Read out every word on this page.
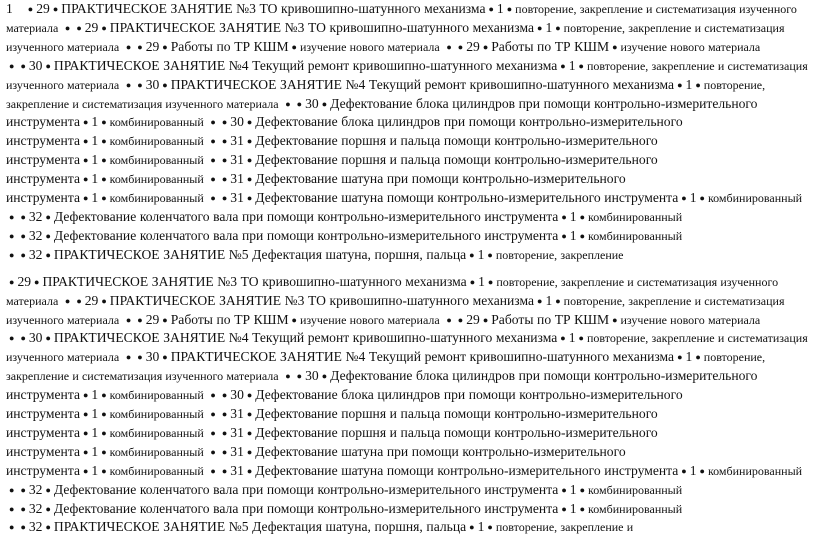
1 ● 29 ● ПРАКТИЧЕСКОЕ ЗАНЯТИЕ №3 ТО кривошипно-шатунного механизма ● 1 ● повторение, закрепление и систематизация изученного материала ● ● 29 ● ПРАКТИЧЕСКОЕ ЗАНЯТИЕ №3 ТО кривошипно-шатунного механизма ● 1 ● повторение, закрепление и систематизация изученного материала ● ● 29 ● Работы по ТР КШМ ● изучение нового материала ● ● 29 ● Работы по ТР КШМ ● изучение нового материала ● ● 30 ● ПРАКТИЧЕСКОЕ ЗАНЯТИЕ №4 Текущий ремонт кривошипно-шатунного механизма ● 1 ● повторение, закрепление и систематизация изученного материала ● ● 30 ● ПРАКТИЧЕСКОЕ ЗАНЯТИЕ №4 Текущий ремонт кривошипно-шатунного механизма ● 1 ● повторение, закрепление и систематизация изученного материала ● ● 30 ● Дефектование блока цилиндров при помощи контрольно-измерительного инструмента ● 1 ● комбинированный ● ● 30 ● Дефектование блока цилиндров при помощи контрольно-измерительного инструмента ● 1 ● комбинированный ● ● 31 ● Дефектование поршня и пальца помощи контрольно-измерительного инструмента ● 1 ● комбинированный ● ● 31 ● Дефектование поршня и пальца помощи контрольно-измерительного инструмента ● 1 ● комбинированный ● ● 31 ● Дефектование шатуна при помощи контрольно-измерительного инструмента ● 1 ● комбинированный ● ● 31 ● Дефектование шатуна помощи контрольно-измерительного инструмента ● 1 ● комбинированный ● ● 32 ● Дефектование коленчатого вала при помощи контрольно-измерительного инструмента ● 1 ● комбинированный ● ● 32 ● Дефектование коленчатого вала при помощи контрольно-измерительного инструмента ● 1 ● комбинированный ● ● 32 ● ПРАКТИЧЕСКОЕ ЗАНЯТИЕ №5 Дефектация шатуна, поршня, пальца ● 1 ● повторение, закрепление
● 29 ● ПРАКТИЧЕСКОЕ ЗАНЯТИЕ №3 ТО кривошипно-шатунного механизма ● 1 ● повторение, закрепление и систематизация изученного материала ● ● 29 ● ПРАКТИЧЕСКОЕ ЗАНЯТИЕ №3 ТО кривошипно-шатунного механизма ● 1 ● повторение, закрепление и систематизация изученного материала ● ● 29 ● Работы по ТР КШМ ● изучение нового материала ● ● 29 ● Работы по ТР КШМ ● изучение нового материала ● ● 30 ● ПРАКТИЧЕСКОЕ ЗАНЯТИЕ №4 Текущий ремонт кривошипно-шатунного механизма ● 1 ● повторение, закрепление и систематизация изученного материала ● ● 30 ● ПРАКТИЧЕСКОЕ ЗАНЯТИЕ №4 Текущий ремонт кривошипно-шатунного механизма ● 1 ● повторение, закрепление и систематизация изученного материала ● ● 30 ● Дефектование блока цилиндров при помощи контрольно-измерительного инструмента ● 1 ● комбинированный ● ● 30 ● Дефектование блока цилиндров при помощи контрольно-измерительного инструмента ● 1 ● комбинированный ● ● 31 ● Дефектование поршня и пальца помощи контрольно-измерительного инструмента ● 1 ● комбинированный ● ● 31 ● Дефектование поршня и пальца помощи контрольно-измерительного инструмента ● 1 ● комбинированный ● ● 31 ● Дефектование шатуна при помощи контрольно-измерительного инструмента ● 1 ● комбинированный ● ● 31 ● Дефектование шатуна помощи контрольно-измерительного инструмента ● 1 ● комбинированный ● ● 32 ● Дефектование коленчатого вала при помощи контрольно-измерительного инструмента ● 1 ● комбинированный ● ● 32 ● Дефектование коленчатого вала при помощи контрольно-измерительного инструмента ● 1 ● комбинированный ● ● 32 ● ПРАКТИЧЕСКОЕ ЗАНЯТИЕ №5 Дефектация шатуна, поршня, пальца ● 1 ● повторение, закрепление и
